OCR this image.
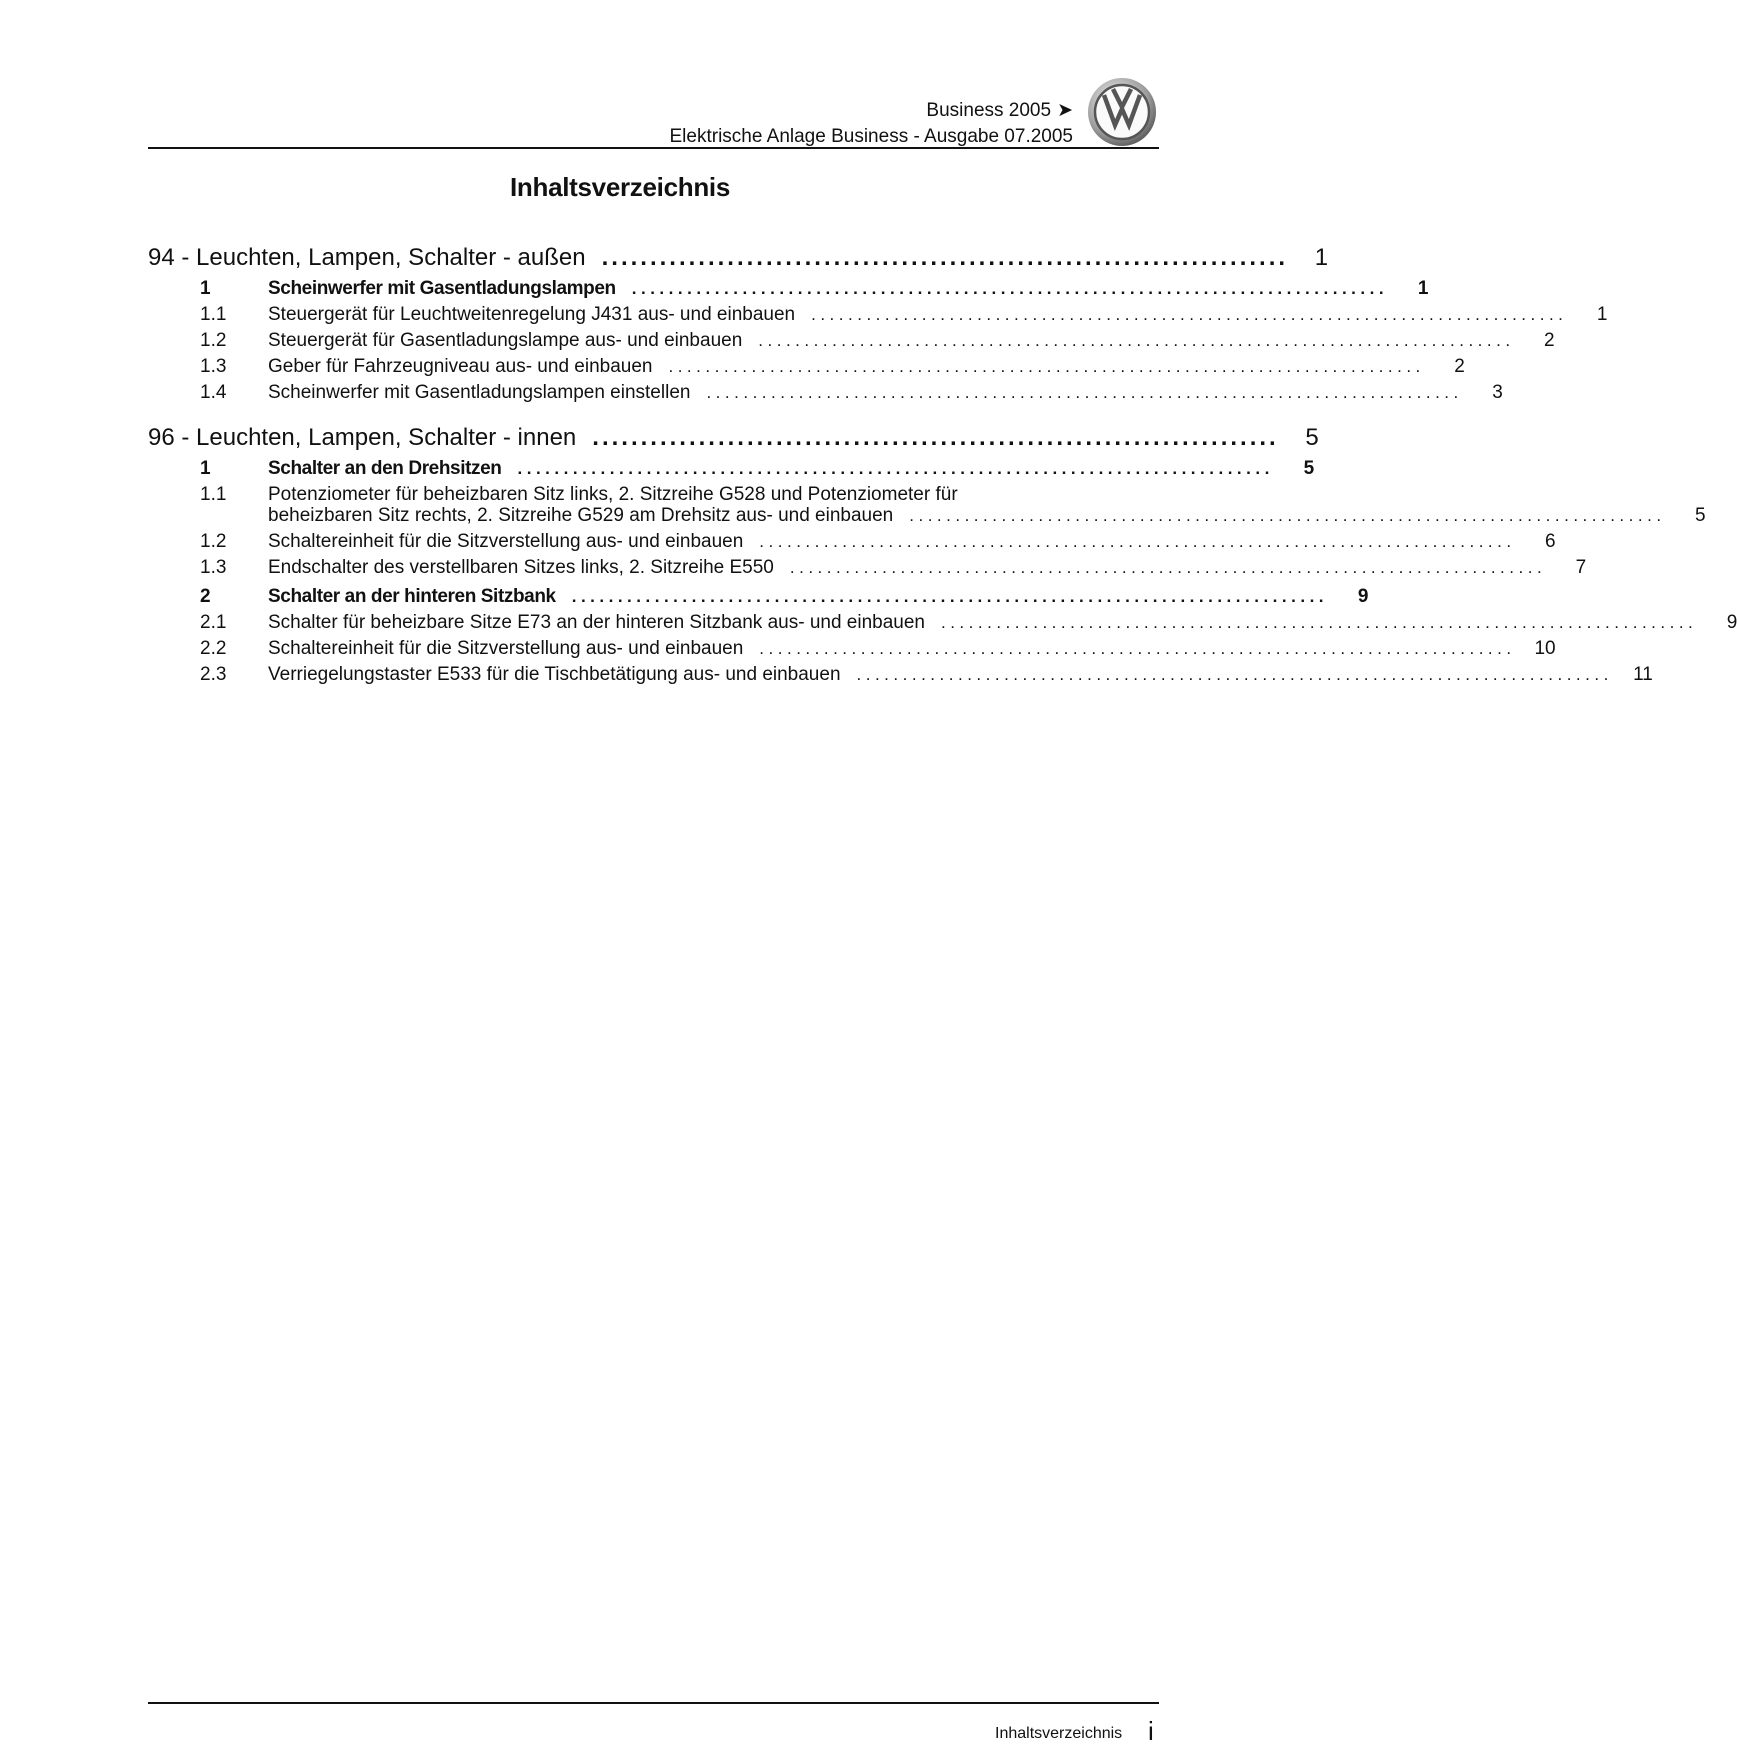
Business 2005 ➤
Elektrische Anlage Business - Ausgabe 07.2005
Inhaltsverzeichnis
94 - Leuchten, Lampen, Schalter - außen .......................................................................	1
1	Scheinwerfer mit Gasentladungslampen ..................................................................................	1
1.1	Steuergerät für Leuchtweitenregelung J431 aus- und einbauen ..................................................................................	1
1.2	Steuergerät für Gasentladungslampe aus- und einbauen ..................................................................................	2
1.3	Geber für Fahrzeugniveau aus- und einbauen ..................................................................................	2
1.4	Scheinwerfer mit Gasentladungslampen einstellen ..................................................................................	3
96 - Leuchten, Lampen, Schalter - innen .......................................................................	5
1	Schalter an den Drehsitzen ..................................................................................	5
1.1	Potenziometer für beheizbaren Sitz links, 2. Sitzreihe G528 und Potenziometer für
beheizbaren Sitz rechts, 2. Sitzreihe G529 am Drehsitz aus- und einbauen ..................................................................................	5
1.2	Schaltereinheit für die Sitzverstellung aus- und einbauen ..................................................................................	6
1.3	Endschalter des verstellbaren Sitzes links, 2. Sitzreihe E550 ..................................................................................	7
2	Schalter an der hinteren Sitzbank ..................................................................................	9
2.1	Schalter für beheizbare Sitze E73 an der hinteren Sitzbank aus- und einbauen ..................................................................................	9
2.2	Schaltereinheit für die Sitzverstellung aus- und einbauen .................................................................................. 10
2.3	Verriegelungstaster E533 für die Tischbetätigung aus- und einbauen ..................................................................................	11
Inhaltsverzeichnis i
